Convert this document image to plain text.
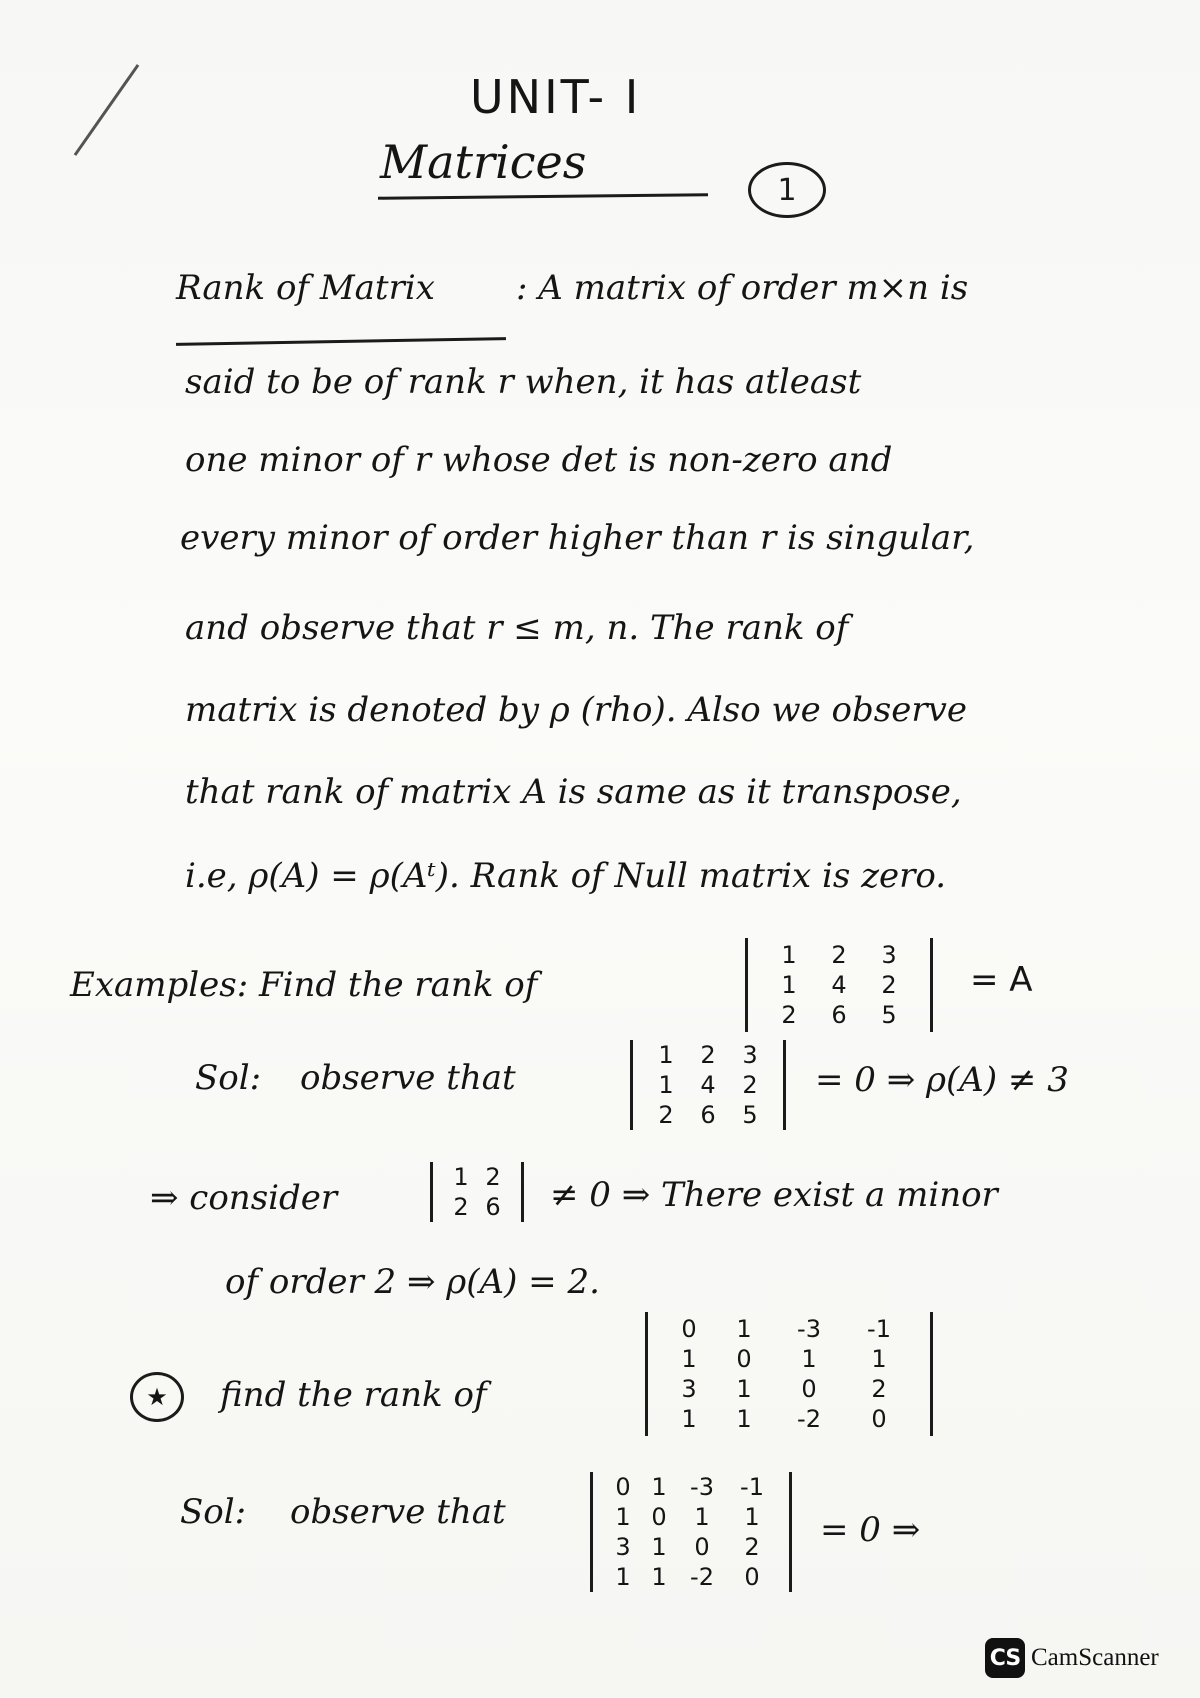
UNIT- I
Matrices
1
Rank of Matrix : A matrix of order m×n is
said to be of rank r when, it has atleast
one minor of r whose det is non-zero and
every minor of order higher than r is singular,
and observe that r ≤ m, n. The rank of
matrix is denoted by ρ (rho). Also we observe
that rank of matrix A is same as it transpose,
i.e, ρ(A) = ρ(Aᵗ). Rank of Null matrix is zero.
Examples: Find the rank of
1	2	3
1	4	2
2	6	5
= A
Sol: observe that
1	2	3
1	4	2
2	6	5
= 0 ⇒ ρ(A) ≠ 3
⇒ consider
1 2
2 6 ≠ 0 ⇒ There exist a minor
of order 2 ⇒ ρ(A) = 2.
★ find the rank of
0	1	-3	-1
1	0	1	1
3	1	0	2
1	1	-2	0
Sol: observe that
0 1 -3	-1
1 0	1	1
3 1	0	2
1 1 -2	0
= 0 ⇒
CS CamScanner
